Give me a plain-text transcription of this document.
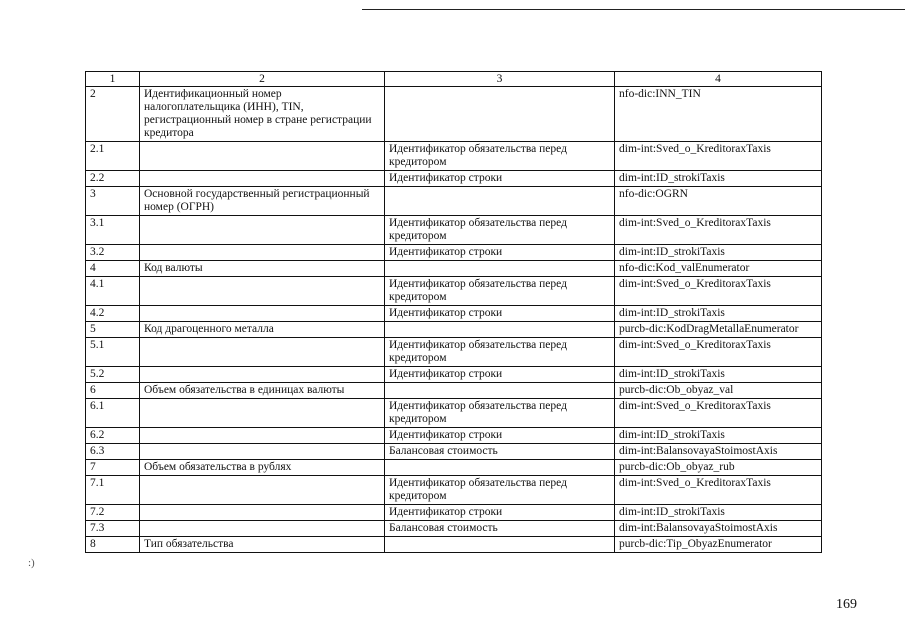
1	2	3	4
2	Идентификационный номер налогоплательщика (ИНН), TIN, регистрационный номер в стране регистрации кредитора		nfo-dic:INN_TIN
2.1		Идентификатор обязательства перед кредитором	dim-int:Sved_o_KreditoraxTaxis
2.2		Идентификатор строки	dim-int:ID_strokiTaxis
3	Основной государственный регистрационный номер (ОГРН)		nfo-dic:OGRN
3.1		Идентификатор обязательства перед кредитором	dim-int:Sved_o_KreditoraxTaxis
3.2		Идентификатор строки	dim-int:ID_strokiTaxis
4	Код валюты		nfo-dic:Kod_valEnumerator
4.1		Идентификатор обязательства перед кредитором	dim-int:Sved_o_KreditoraxTaxis
4.2		Идентификатор строки	dim-int:ID_strokiTaxis
5	Код драгоценного металла		purcb-dic:KodDragMetallaEnumerator
5.1		Идентификатор обязательства перед кредитором	dim-int:Sved_o_KreditoraxTaxis
5.2		Идентификатор строки	dim-int:ID_strokiTaxis
6	Объем обязательства в единицах валюты		purcb-dic:Ob_obyaz_val
6.1		Идентификатор обязательства перед кредитором	dim-int:Sved_o_KreditoraxTaxis
6.2		Идентификатор строки	dim-int:ID_strokiTaxis
6.3		Балансовая стоимость	dim-int:BalansovayaStoimostAxis
7	Объем обязательства в рублях		purcb-dic:Ob_obyaz_rub
7.1		Идентификатор обязательства перед кредитором	dim-int:Sved_o_KreditoraxTaxis
7.2		Идентификатор строки	dim-int:ID_strokiTaxis
7.3		Балансовая стоимость	dim-int:BalansovayaStoimostAxis
8	Тип обязательства		purcb-dic:Tip_ObyazEnumerator
:)
169
